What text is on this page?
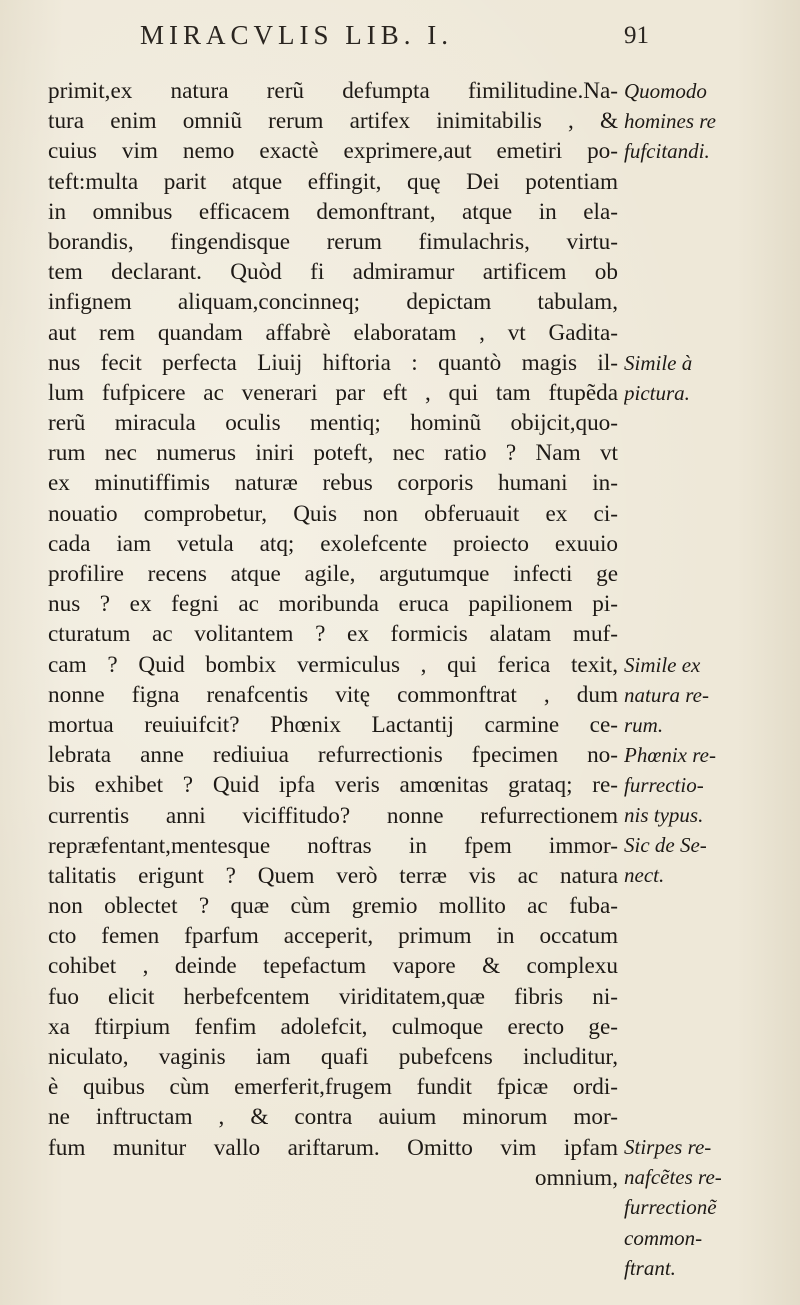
MIRACVLIS LIB. I.	91
primit,ex natura rerũ defumpta fimilitudine.Na-
tura enim omniũ rerum artifex inimitabilis , &
cuius vim nemo exactè exprimere,aut emetiri po-
teft:multa parit atque effingit, quę Dei potentiam
in omnibus efficacem demonftrant, atque in ela-
borandis, fingendisque rerum fimulachris, virtu-
tem declarant. Quòd fi admiramur artificem ob
infignem aliquam,concinneq; depictam tabulam,
aut rem quandam affabrè elaboratam , vt Gadita-
nus fecit perfecta Liuij hiftoria : quantò magis il-
lum fufpicere ac venerari par eft , qui tam ftupẽda
rerũ miracula oculis mentiq; hominũ obijcit,quo-
rum nec numerus iniri poteft, nec ratio ? Nam vt
ex minutiffimis naturæ rebus corporis humani in-
nouatio comprobetur, Quis non obferuauit ex ci-
cada iam vetula atq; exolefcente proiecto exuuio
profilire recens atque agile, argutumque infecti ge
nus ? ex fegni ac moribunda eruca papilionem pi-
cturatum ac volitantem ? ex formicis alatam muf-
cam ? Quid bombix vermiculus , qui ferica texit,
nonne figna renafcentis vitę commonftrat , dum
mortua reuiuifcit? Phœnix Lactantij carmine ce-
lebrata anne rediuiua refurrectionis fpecimen no-
bis exhibet ? Quid ipfa veris amœnitas grataq; re-
currentis anni viciffitudo? nonne refurrectionem
repræfentant,mentesque noftras in fpem immor-
talitatis erigunt ? Quem verò terræ vis ac natura
non oblectet ? quæ cùm gremio mollito ac fuba-
cto femen fparfum acceperit, primum in occatum
cohibet , deinde tepefactum vapore & complexu
fuo elicit herbefcentem viriditatem,quæ fibris ni-
xa ftirpium fenfim adolefcit, culmoque erecto ge-
niculato, vaginis iam quafi pubefcens includitur,
è quibus cùm emerferit,frugem fundit fpicæ ordi-
ne inftructam , & contra auium minorum mor-
fum munitur vallo ariftarum. Omitto vim ipfam
omnium,
Quomodo
homines re
fufcitandi.
Simile à
pictura.
Simile ex
natura re-
rum.
Phœnix re-
furrectio-
nis typus.
Sic de Se-
nect.
Stirpes re-
nafcẽtes re-
furrectionẽ
common-
ftrant.
